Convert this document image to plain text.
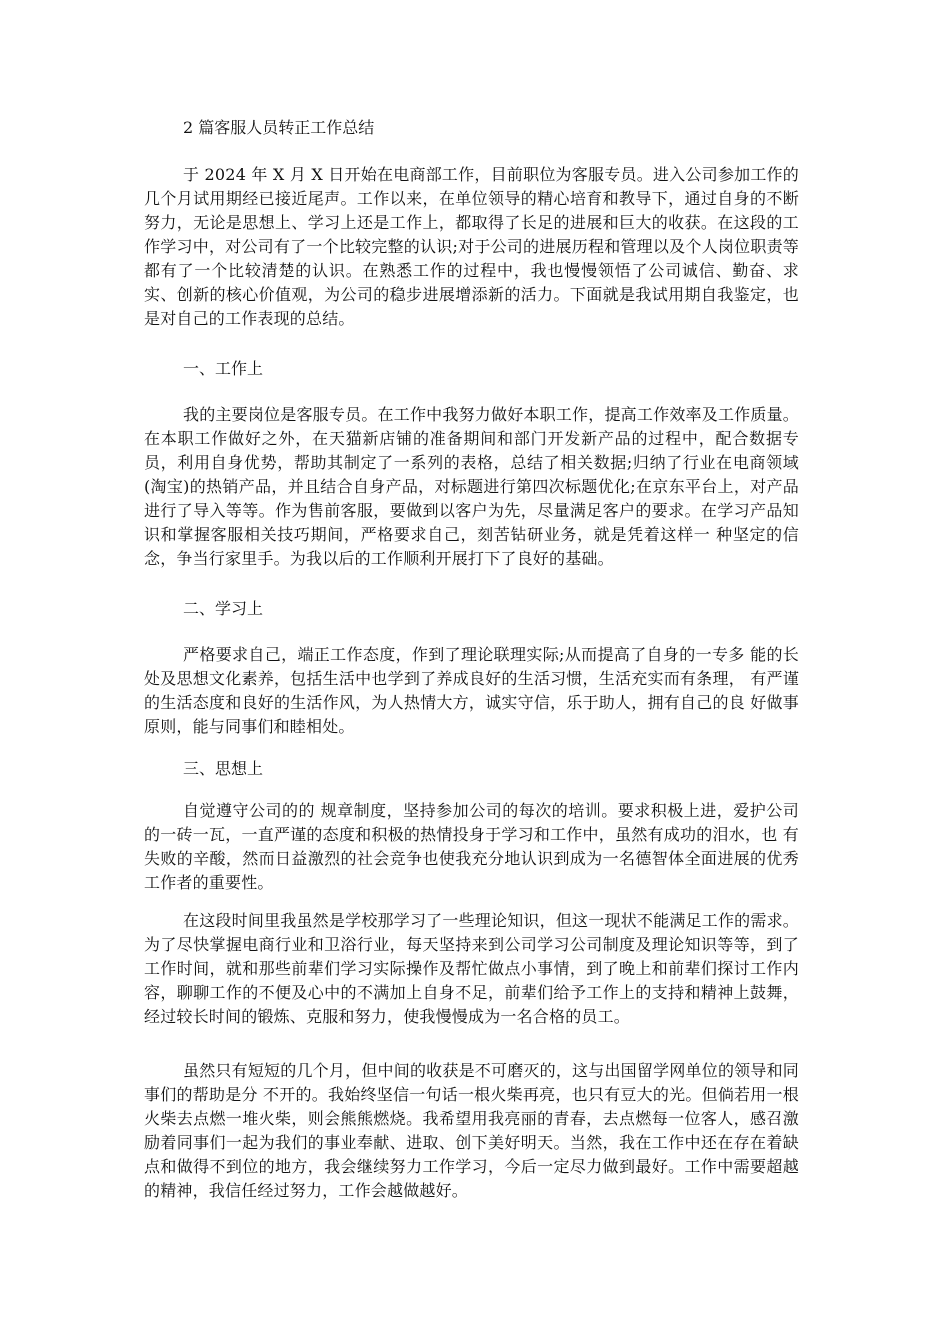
2 篇客服人员转正工作总结

于 2024 年 X 月 X 日开始在电商部工作，目前职位为客服专员。进入公司参加工作的几个月试用期经已接近尾声。工作以来，在单位领导的精心培育和教导下，通过自身的不断努力，无论是思想上、学习上还是工作上，都取得了长足的进展和巨大的收获。在这段的工作学习中，对公司有了一个比较完整的认识;对于公司的进展历程和管理以及个人岗位职责等都有了一个比较清楚的认识。在熟悉工作的过程中，我也慢慢领悟了公司诚信、勤奋、求实、创新的核心价值观，为公司的稳步进展增添新的活力。下面就是我试用期自我鉴定，也是对自己的工作表现的总结。

一、工作上

我的主要岗位是客服专员。在工作中我努力做好本职工作，提高工作效率及工作质量。在本职工作做好之外，在天猫新店铺的准备期间和部门开发新产品的过程中，配合数据专员，利用自身优势，帮助其制定了一系列的表格，总结了相关数据;归纳了行业在电商领域(淘宝)的热销产品，并且结合自身产品，对标题进行第四次标题优化;在京东平台上，对产品进行了导入等等。作为售前客服，要做到以客户为先，尽量满足客户的要求。在学习产品知识和掌握客服相关技巧期间，严格要求自己，刻苦钻研业务，就是凭着这样一 种坚定的信念，争当行家里手。为我以后的工作顺利开展打下了良好的基础。

二、学习上

严格要求自己，端正工作态度，作到了理论联理实际;从而提高了自身的一专多 能的长处及思想文化素养，包括生活中也学到了养成良好的生活习惯，生活充实而有条理， 有严谨的生活态度和良好的生活作风，为人热情大方，诚实守信，乐于助人，拥有自己的良 好做事原则，能与同事们和睦相处。

三、思想上

自觉遵守公司的的 规章制度，坚持参加公司的每次的培训。要求积极上进，爱护公司的一砖一瓦，一直严谨的态度和积极的热情投身于学习和工作中，虽然有成功的泪水，也 有失败的辛酸，然而日益激烈的社会竞争也使我充分地认识到成为一名德智体全面进展的优秀工作者的重要性。

在这段时间里我虽然是学校那学习了一些理论知识，但这一现状不能满足工作的需求。为了尽快掌握电商行业和卫浴行业，每天坚持来到公司学习公司制度及理论知识等等，到了工作时间，就和那些前辈们学习实际操作及帮忙做点小事情，到了晚上和前辈们探讨工作内容，聊聊工作的不便及心中的不满加上自身不足，前辈们给予工作上的支持和精神上鼓舞，经过较长时间的锻炼、克服和努力，使我慢慢成为一名合格的员工。

虽然只有短短的几个月，但中间的收获是不可磨灭的，这与出国留学网单位的领导和同事们的帮助是分 不开的。我始终坚信一句话一根火柴再亮，也只有豆大的光。但倘若用一根火柴去点燃一堆火柴，则会熊熊燃烧。我希望用我亮丽的青春，去点燃每一位客人，感召激励着同事们一起为我们的事业奉献、进取、创下美好明天。当然，我在工作中还在存在着缺点和做得不到位的地方，我会继续努力工作学习，今后一定尽力做到最好。工作中需要超越的精神，我信任经过努力，工作会越做越好。
